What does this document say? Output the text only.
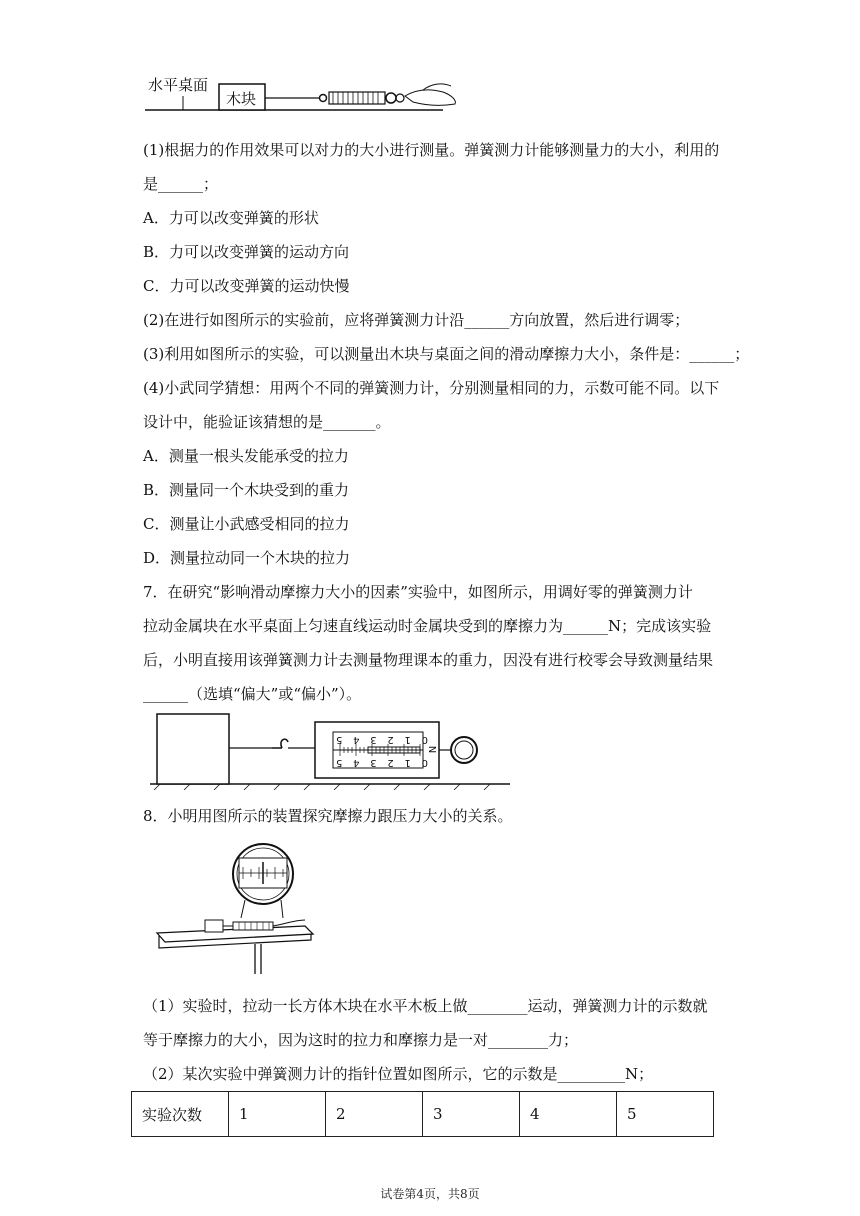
水平桌面
木块
(1)根据力的作用效果可以对力的大小进行测量。弹簧测力计能够测量力的大小，利用的
是______；
A．力可以改变弹簧的形状
B．力可以改变弹簧的运动方向
C．力可以改变弹簧的运动快慢
(2)在进行如图所示的实验前，应将弹簧测力计沿______方向放置，然后进行调零；
(3)利用如图所示的实验，可以测量出木块与桌面之间的滑动摩擦力大小，条件是：______；
(4)小武同学猜想：用两个不同的弹簧测力计，分别测量相同的力，示数可能不同。以下
设计中，能验证该猜想的是_______。
A．测量一根头发能承受的拉力
B．测量同一个木块受到的重力
C．测量让小武感受相同的拉力
D．测量拉动同一个木块的拉力
7．在研究“影响滑动摩擦力大小的因素”实验中，如图所示，用调好零的弹簧测力计
拉动金属块在水平桌面上匀速直线运动时金属块受到的摩擦力为______N；完成该实验
后，小明直接用该弹簧测力计去测量物理课本的重力，因没有进行校零会导致测量结果
______（选填“偏大”或“偏小”）。
0
1
2
3
4
5
0
1
2
3
4
5
N
8．小明用图所示的装置探究摩擦力跟压力大小的关系。
（1）实验时，拉动一长方体木块在水平木板上做________运动，弹簧测力计的示数就
等于摩擦力的大小，因为这时的拉力和摩擦力是一对________力；
（2）某次实验中弹簧测力计的指针位置如图所示，它的示数是_________N；
实验次数	1	2	3	4	5
试卷第4页，共8页
